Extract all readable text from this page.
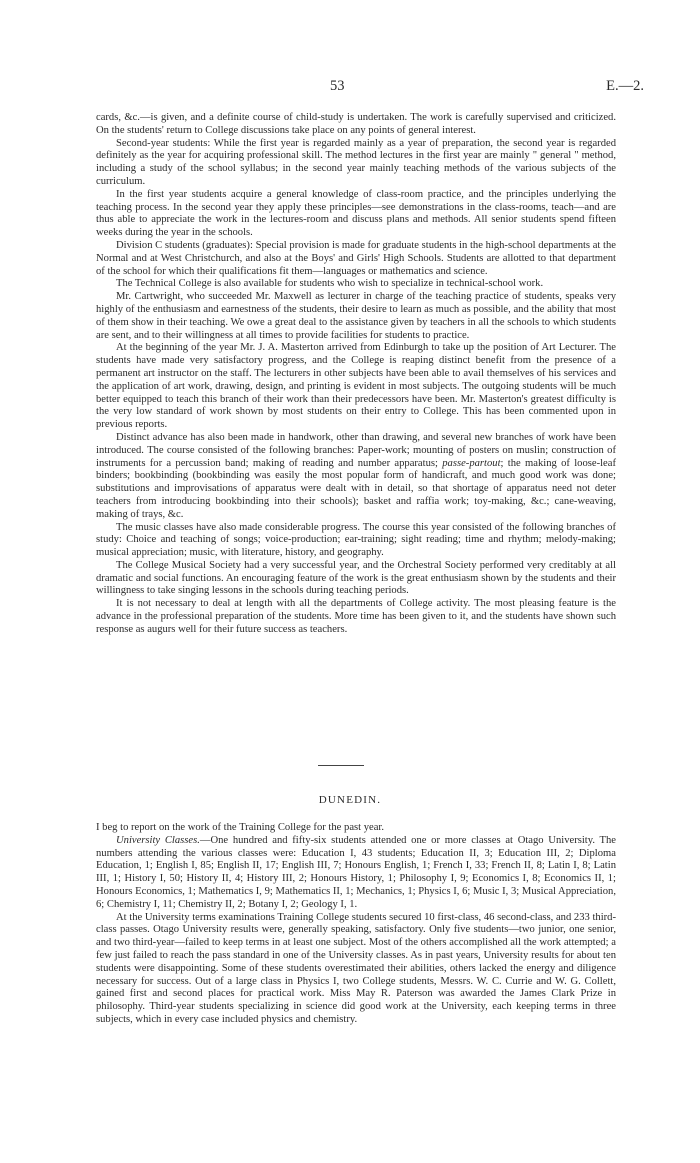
53	E.—2.

cards, &c.—is given, and a definite course of child-study is undertaken. The work is carefully supervised and criticized. On the students' return to College discussions take place on any points of general interest.

Second-year students: While the first year is regarded mainly as a year of preparation, the second year is regarded definitely as the year for acquiring professional skill. The method lectures in the first year are mainly " general " method, including a study of the school syllabus; in the second year mainly teaching methods of the various subjects of the curriculum.

In the first year students acquire a general knowledge of class-room practice, and the principles underlying the teaching process. In the second year they apply these principles—see demonstrations in the class-rooms, teach—and are thus able to appreciate the work in the lectures-room and discuss plans and methods. All senior students spend fifteen weeks during the year in the schools.

Division C students (graduates): Special provision is made for graduate students in the high-school departments at the Normal and at West Christchurch, and also at the Boys' and Girls' High Schools. Students are allotted to that department of the school for which their qualifications fit them—languages or mathematics and science.

The Technical College is also available for students who wish to specialize in technical-school work.

Mr. Cartwright, who succeeded Mr. Maxwell as lecturer in charge of the teaching practice of students, speaks very highly of the enthusiasm and earnestness of the students, their desire to learn as much as possible, and the ability that most of them show in their teaching. We owe a great deal to the assistance given by teachers in all the schools to which students are sent, and to their willingness at all times to provide facilities for students to practice.

At the beginning of the year Mr. J. A. Masterton arrived from Edinburgh to take up the position of Art Lecturer. The students have made very satisfactory progress, and the College is reaping distinct benefit from the presence of a permanent art instructor on the staff. The lecturers in other subjects have been able to avail themselves of his services and the application of art work, drawing, design, and printing is evident in most subjects. The outgoing students will be much better equipped to teach this branch of their work than their predecessors have been. Mr. Masterton's greatest difficulty is the very low standard of work shown by most students on their entry to College. This has been commented upon in previous reports.

Distinct advance has also been made in handwork, other than drawing, and several new branches of work have been introduced. The course consisted of the following branches: Paper-work; mounting of posters on muslin; construction of instruments for a percussion band; making of reading and number apparatus; passe-partout; the making of loose-leaf binders; bookbinding (bookbinding was easily the most popular form of handicraft, and much good work was done; substitutions and improvisations of apparatus were dealt with in detail, so that shortage of apparatus need not deter teachers from introducing bookbinding into their schools); basket and raffia work; toy-making, &c.; cane-weaving, making of trays, &c.

The music classes have also made considerable progress. The course this year consisted of the following branches of study: Choice and teaching of songs; voice-production; ear-training; sight reading; time and rhythm; melody-making; musical appreciation; music, with literature, history, and geography.

The College Musical Society had a very successful year, and the Orchestral Society performed very creditably at all dramatic and social functions. An encouraging feature of the work is the great enthusiasm shown by the students and their willingness to take singing lessons in the schools during teaching periods.

It is not necessary to deal at length with all the departments of College activity. The most pleasing feature is the advance in the professional preparation of the students. More time has been given to it, and the students have shown such response as augurs well for their future success as teachers.

DUNEDIN.

I beg to report on the work of the Training College for the past year.

University Classes.—One hundred and fifty-six students attended one or more classes at Otago University. The numbers attending the various classes were: Education I, 43 students; Education II, 3; Education III, 2; Diploma Education, 1; English I, 85; English II, 17; English III, 7; Honours English, 1; French I, 33; French II, 8; Latin I, 8; Latin III, 1; History I, 50; History II, 4; History III, 2; Honours History, 1; Philosophy I, 9; Economics I, 8; Economics II, 1; Honours Economics, 1; Mathematics I, 9; Mathematics II, 1; Mechanics, 1; Physics I, 6; Music I, 3; Musical Appreciation, 6; Chemistry I, 11; Chemistry II, 2; Botany I, 2; Geology I, 1.

At the University terms examinations Training College students secured 10 first-class, 46 second-class, and 233 third-class passes. Otago University results were, generally speaking, satisfactory. Only five students—two junior, one senior, and two third-year—failed to keep terms in at least one subject. Most of the others accomplished all the work attempted; a few just failed to reach the pass standard in one of the University classes. As in past years, University results for about ten students were disappointing. Some of these students overestimated their abilities, others lacked the energy and diligence necessary for success. Out of a large class in Physics I, two College students, Messrs. W. C. Currie and W. G. Collett, gained first and second places for practical work. Miss May R. Paterson was awarded the James Clark Prize in philosophy. Third-year students specializing in science did good work at the University, each keeping terms in three subjects, which in every case included physics and chemistry.
